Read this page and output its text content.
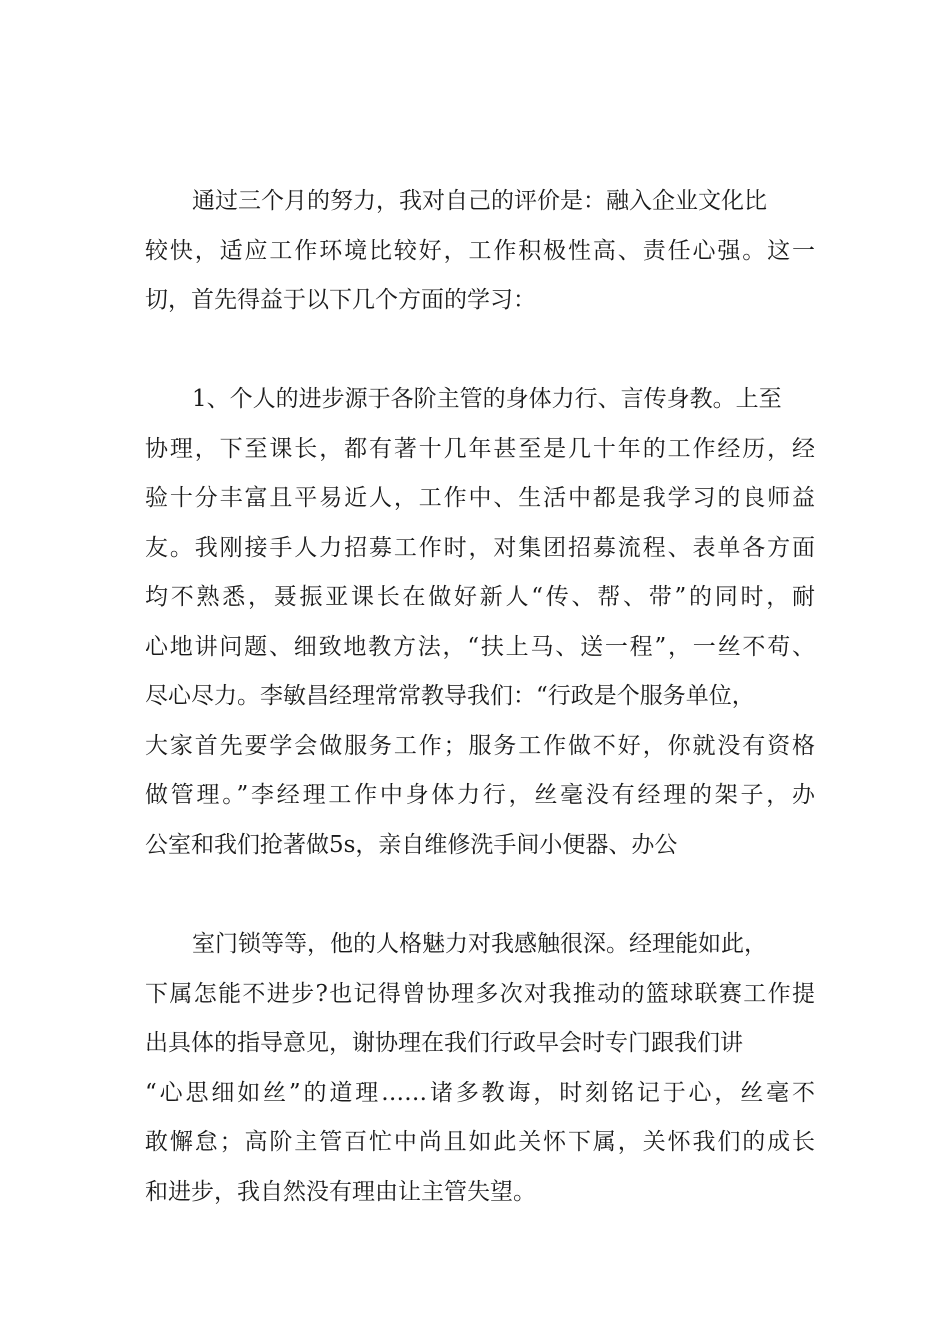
通过三个月的努力，我对自己的评价是：融入企业文化比
较快，适应工作环境比较好，工作积极性高、责任心强。这一
切，首先得益于以下几个方面的学习：
1、个人的进步源于各阶主管的身体力行、言传身教。上至
协理，下至课长，都有著十几年甚至是几十年的工作经历，经
验十分丰富且平易近人，工作中、生活中都是我学习的良师益
友。我刚接手人力招募工作时，对集团招募流程、表单各方面
均不熟悉，聂振亚课长在做好新人“传、帮、带”的同时，耐
心地讲问题、细致地教方法，“扶上马、送一程”，一丝不苟、
尽心尽力。李敏昌经理常常教导我们：“行政是个服务单位，
大家首先要学会做服务工作；服务工作做不好，你就没有资格
做管理。”李经理工作中身体力行，丝毫没有经理的架子，办
公室和我们抢著做5s，亲自维修洗手间小便器、办公
室门锁等等，他的人格魅力对我感触很深。经理能如此，
下属怎能不进步?也记得曾协理多次对我推动的篮球联赛工作提
出具体的指导意见，谢协理在我们行政早会时专门跟我们讲
“心思细如丝”的道理……诸多教诲，时刻铭记于心，丝毫不
敢懈怠；高阶主管百忙中尚且如此关怀下属，关怀我们的成长
和进步，我自然没有理由让主管失望。
